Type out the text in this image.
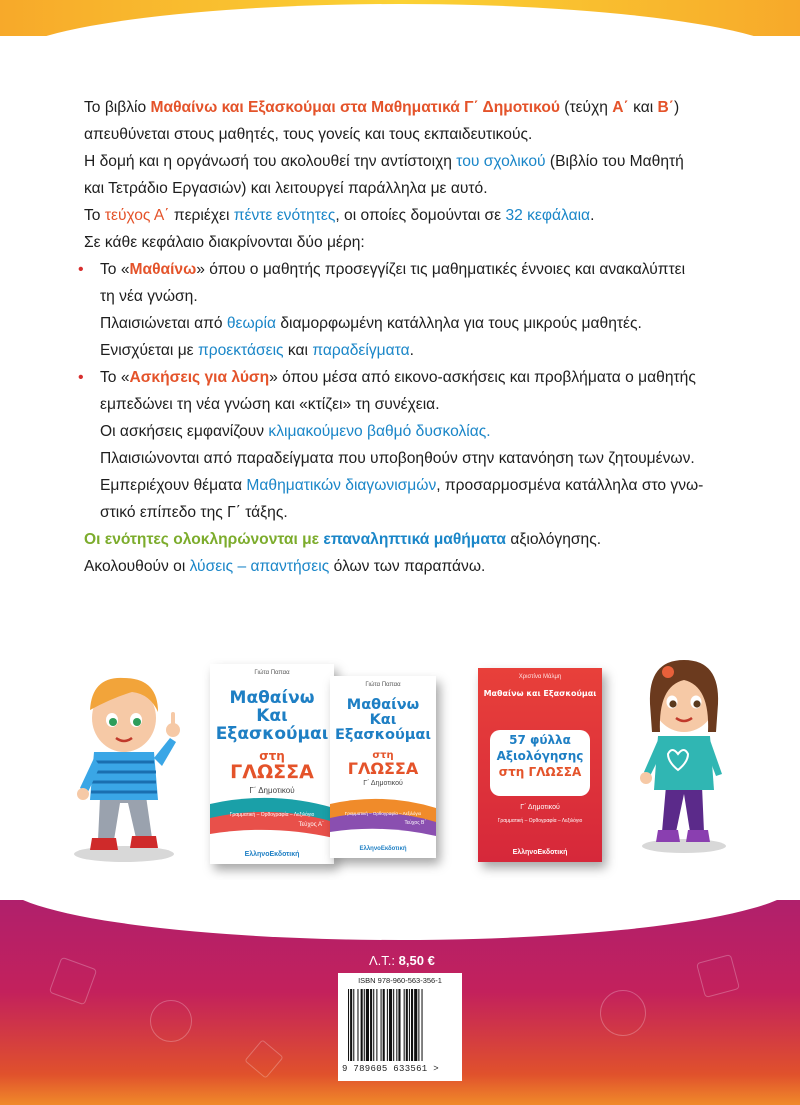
Το βιβλίο Μαθαίνω και Εξασκούμαι στα Μαθηματικά Γ΄ Δημοτικού (τεύχη Α΄ και Β΄)
απευθύνεται στους μαθητές, τους γονείς και τους εκπαιδευτικούς.

Η δομή και η οργάνωσή του ακολουθεί την αντίστοιχη του σχολικού (Βιβλίο του Μαθητή
και Τετράδιο Εργασιών) και λειτουργεί παράλληλα με αυτό.

Το τεύχος Α΄ περιέχει πέντε ενότητες, οι οποίες δομούνται σε 32 κεφάλαια.

Σε κάθε κεφάλαιο διακρίνονται δύο μέρη:

• Το «Μαθαίνω» όπου ο μαθητής προσεγγίζει τις μαθηματικές έννοιες και ανακαλύπτει
τη νέα γνώση.
Πλαισιώνεται από θεωρία διαμορφωμένη κατάλληλα για τους μικρούς μαθητές.
Ενισχύεται με προεκτάσεις και παραδείγματα.

• Το «Ασκήσεις για λύση» όπου μέσα από εικονο-ασκήσεις και προβλήματα ο μαθητής
εμπεδώνει τη νέα γνώση και «κτίζει» τη συνέχεια.
Οι ασκήσεις εμφανίζουν κλιμακούμενο βαθμό δυσκολίας.
Πλαισιώνονται από παραδείγματα που υποβοηθούν στην κατανόηση των ζητουμένων.
Εμπεριέχουν θέματα Μαθηματικών διαγωνισμών, προσαρμοσμένα κατάλληλα στο γνω-
στικό επίπεδο της Γ΄ τάξης.

Οι ενότητες ολοκληρώνονται με επαναληπτικά μαθήματα αξιολόγησης.

Ακολουθούν οι λύσεις – απαντήσεις όλων των παραπάνω.

Γιώτα Παπαα
Μαθαίνω
Και
Εξασκούμαι
στη
ΓΛΩΣΣΑ
Γ΄ Δημοτικού
Γραμματική – Ορθογραφία – Λεξιλόγιο
Τεύχος Α΄
ΕλληνοΕκδοτική
Γιώτα Παπαα
Μαθαίνω
Και
Εξασκούμαι
στη
ΓΛΩΣΣΑ
Γ΄ Δημοτικού
Γραμματική – Ορθογραφία – Λεξιλόγιο
Τεύχος Β΄
ΕλληνοΕκδοτική
Χριστίνα Μάλμη
Μαθαίνω και Εξασκούμαι
57 φύλλα
Αξιολόγησης
στη ΓΛΩΣΣΑ
Γ΄ Δημοτικού
Γραμματική – Ορθογραφία – Λεξιλόγιο
ΕλληνοΕκδοτική
Λ.Τ.: 8,50 €
ISBN 978-960-563-356-1
9 789605 633561 >
